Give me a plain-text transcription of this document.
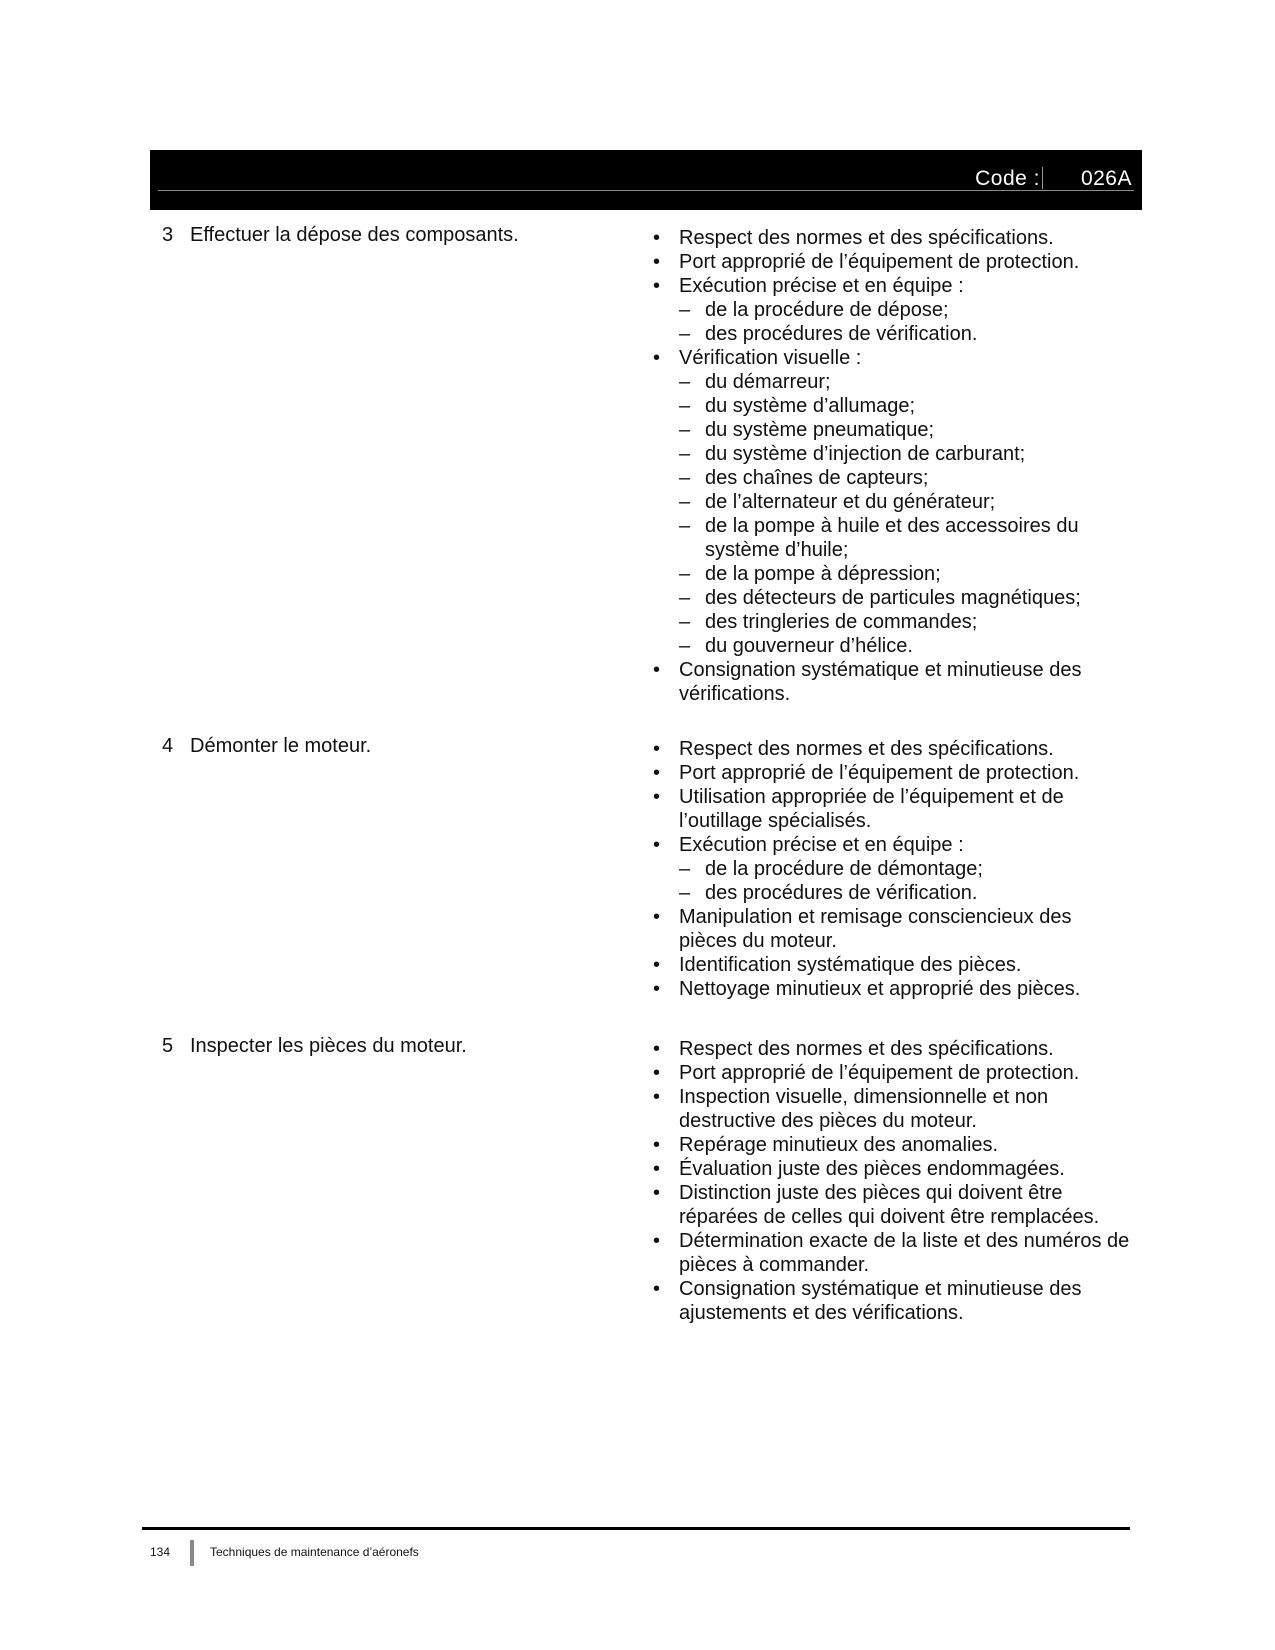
Code : 026A
3 Effectuer la dépose des composants.	• Respect des normes et des spécifications.
• Port approprié de l’équipement de protection.
• Exécution précise et en équipe :
– de la procédure de dépose;
– des procédures de vérification.
• Vérification visuelle :
– du démarreur;
– du système d’allumage;
– du système pneumatique;
– du système d’injection de carburant;
– des chaînes de capteurs;
– de l’alternateur et du générateur;
– de la pompe à huile et des accessoires du système d’huile;
– de la pompe à dépression;
– des détecteurs de particules magnétiques;
– des tringleries de commandes;
– du gouverneur d’hélice.
• Consignation systématique et minutieuse des vérifications.
4 Démonter le moteur.	• Respect des normes et des spécifications.
• Port approprié de l’équipement de protection.
• Utilisation appropriée de l’équipement et de l’outillage spécialisés.
• Exécution précise et en équipe :
– de la procédure de démontage;
– des procédures de vérification.
• Manipulation et remisage consciencieux des pièces du moteur.
• Identification systématique des pièces.
• Nettoyage minutieux et approprié des pièces.
5 Inspecter les pièces du moteur.	• Respect des normes et des spécifications.
• Port approprié de l’équipement de protection.
• Inspection visuelle, dimensionnelle et non destructive des pièces du moteur.
• Repérage minutieux des anomalies.
• Évaluation juste des pièces endommagées.
• Distinction juste des pièces qui doivent être réparées de celles qui doivent être remplacées.
• Détermination exacte de la liste et des numéros de pièces à commander.
• Consignation systématique et minutieuse des ajustements et des vérifications.
134	Techniques de maintenance d’aéronefs
